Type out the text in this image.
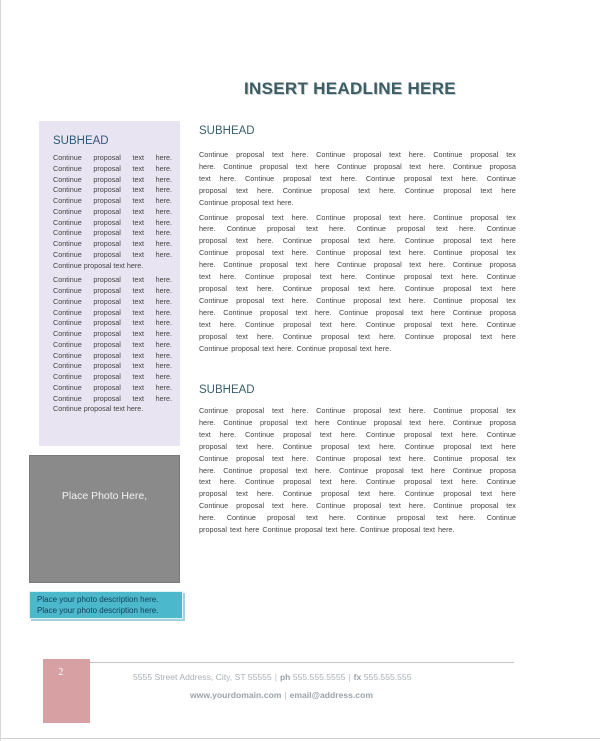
INSERT HEADLINE HERE
SUBHEAD
Continue proposal text here.
Continue proposal text here.
Continue proposal text here.
Continue proposal text here.
Continue proposal text here.
Continue proposal text here.
Continue proposal text here.
Continue proposal text here.
Continue proposal text here.
Continue proposal text here.
Continue proposal text here.
Continue proposal text here.
Continue proposal text here.
Continue proposal text here.
Continue proposal text here.
Continue proposal text here.
Continue proposal text here.
Continue proposal text here.
Continue proposal text here.
Continue proposal text here.
Continue proposal text here.
Continue proposal text here.
Continue proposal text here.
Continue proposal text here.
Place Photo Here,
Place your photo description here.
Place your photo description here.
SUBHEAD
Continue proposal text here. Continue proposal text here. Continue proposal tex
here. Continue proposal text here Continue proposal text here. Continue proposa
text here. Continue proposal text here. Continue proposal text here. Continue
proposal text here. Continue proposal text here. Continue proposal text here
Continue proposal text here.
Continue proposal text here. Continue proposal text here. Continue proposal tex
here. Continue proposal text here. Continue proposal text here. Continue
proposal text here. Continue proposal text here. Continue proposal text here
Continue proposal text here. Continue proposal text here. Continue proposal tex
here. Continue proposal text here Continue proposal text here. Continue proposa
text here. Continue proposal text here. Continue proposal text here. Continue
proposal text here. Continue proposal text here. Continue proposal text here
Continue proposal text here. Continue proposal text here. Continue proposal tex
here. Continue proposal text here. Continue proposal text here Continue proposa
text here. Continue proposal text here. Continue proposal text here. Continue
proposal text here. Continue proposal text here. Continue proposal text here
Continue proposal text here. Continue proposal text here.
SUBHEAD
Continue proposal text here. Continue proposal text here. Continue proposal tex
here. Continue proposal text here Continue proposal text here. Continue proposa
text here. Continue proposal text here. Continue proposal text here. Continue
proposal text here. Continue proposal text here. Continue proposal text here
Continue proposal text here. Continue proposal text here. Continue proposal tex
here. Continue proposal text here. Continue proposal text here Continue proposa
text here. Continue proposal text here. Continue proposal text here. Continue
proposal text here. Continue proposal text here. Continue proposal text here
Continue proposal text here. Continue proposal text here. Continue proposal tex
here. Continue proposal text here. Continue proposal text here. Continue
proposal text here Continue proposal text here. Continue proposal text here.
2	5555 Street Address, City, ST 55555 | ph 555.555.5555 | fx 555.555.555
www.yourdomain.com | email@address.com
